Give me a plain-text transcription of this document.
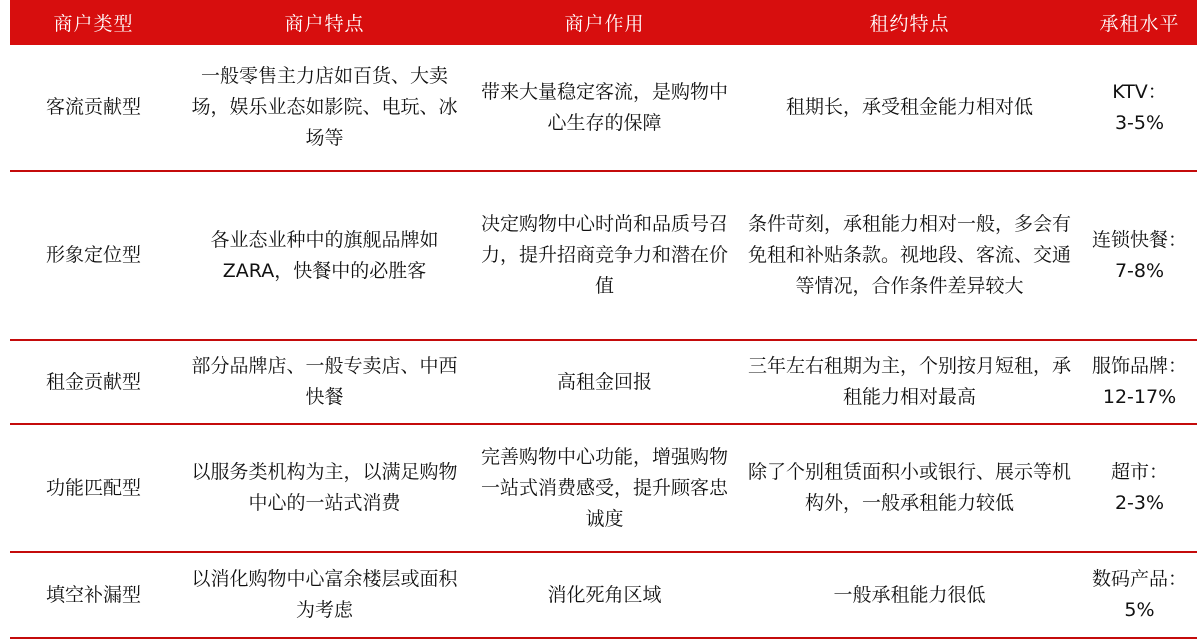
商户类型	商户特点	商户作用	租约特点	承租水平
客流贡献型	一般零售主力店如百货、大卖场，娱乐业态如影院、电玩、冰场等	带来大量稳定客流，是购物中心生存的保障	租期长，承受租金能力相对低	KTV：
3-5%

形象定位型	各业态业种中的旗舰品牌如ZARA，快餐中的必胜客	决定购物中心时尚和品质号召力，提升招商竞争力和潜在价值	条件苛刻，承租能力相对一般，多会有免租和补贴条款。视地段、客流、交通等情况，合作条件差异较大	连锁快餐：
7-8%

租金贡献型	部分品牌店、一般专卖店、中西快餐	高租金回报	三年左右租期为主，个别按月短租，承租能力相对最高	服饰品牌：
12-17%

功能匹配型	以服务类机构为主，以满足购物中心的一站式消费	完善购物中心功能，增强购物一站式消费感受，提升顾客忠诚度	除了个别租赁面积小或银行、展示等机构外，一般承租能力较低	超市：
2-3%

填空补漏型	以消化购物中心富余楼层或面积为考虑	消化死角区域	一般承租能力很低	数码产品：5%
